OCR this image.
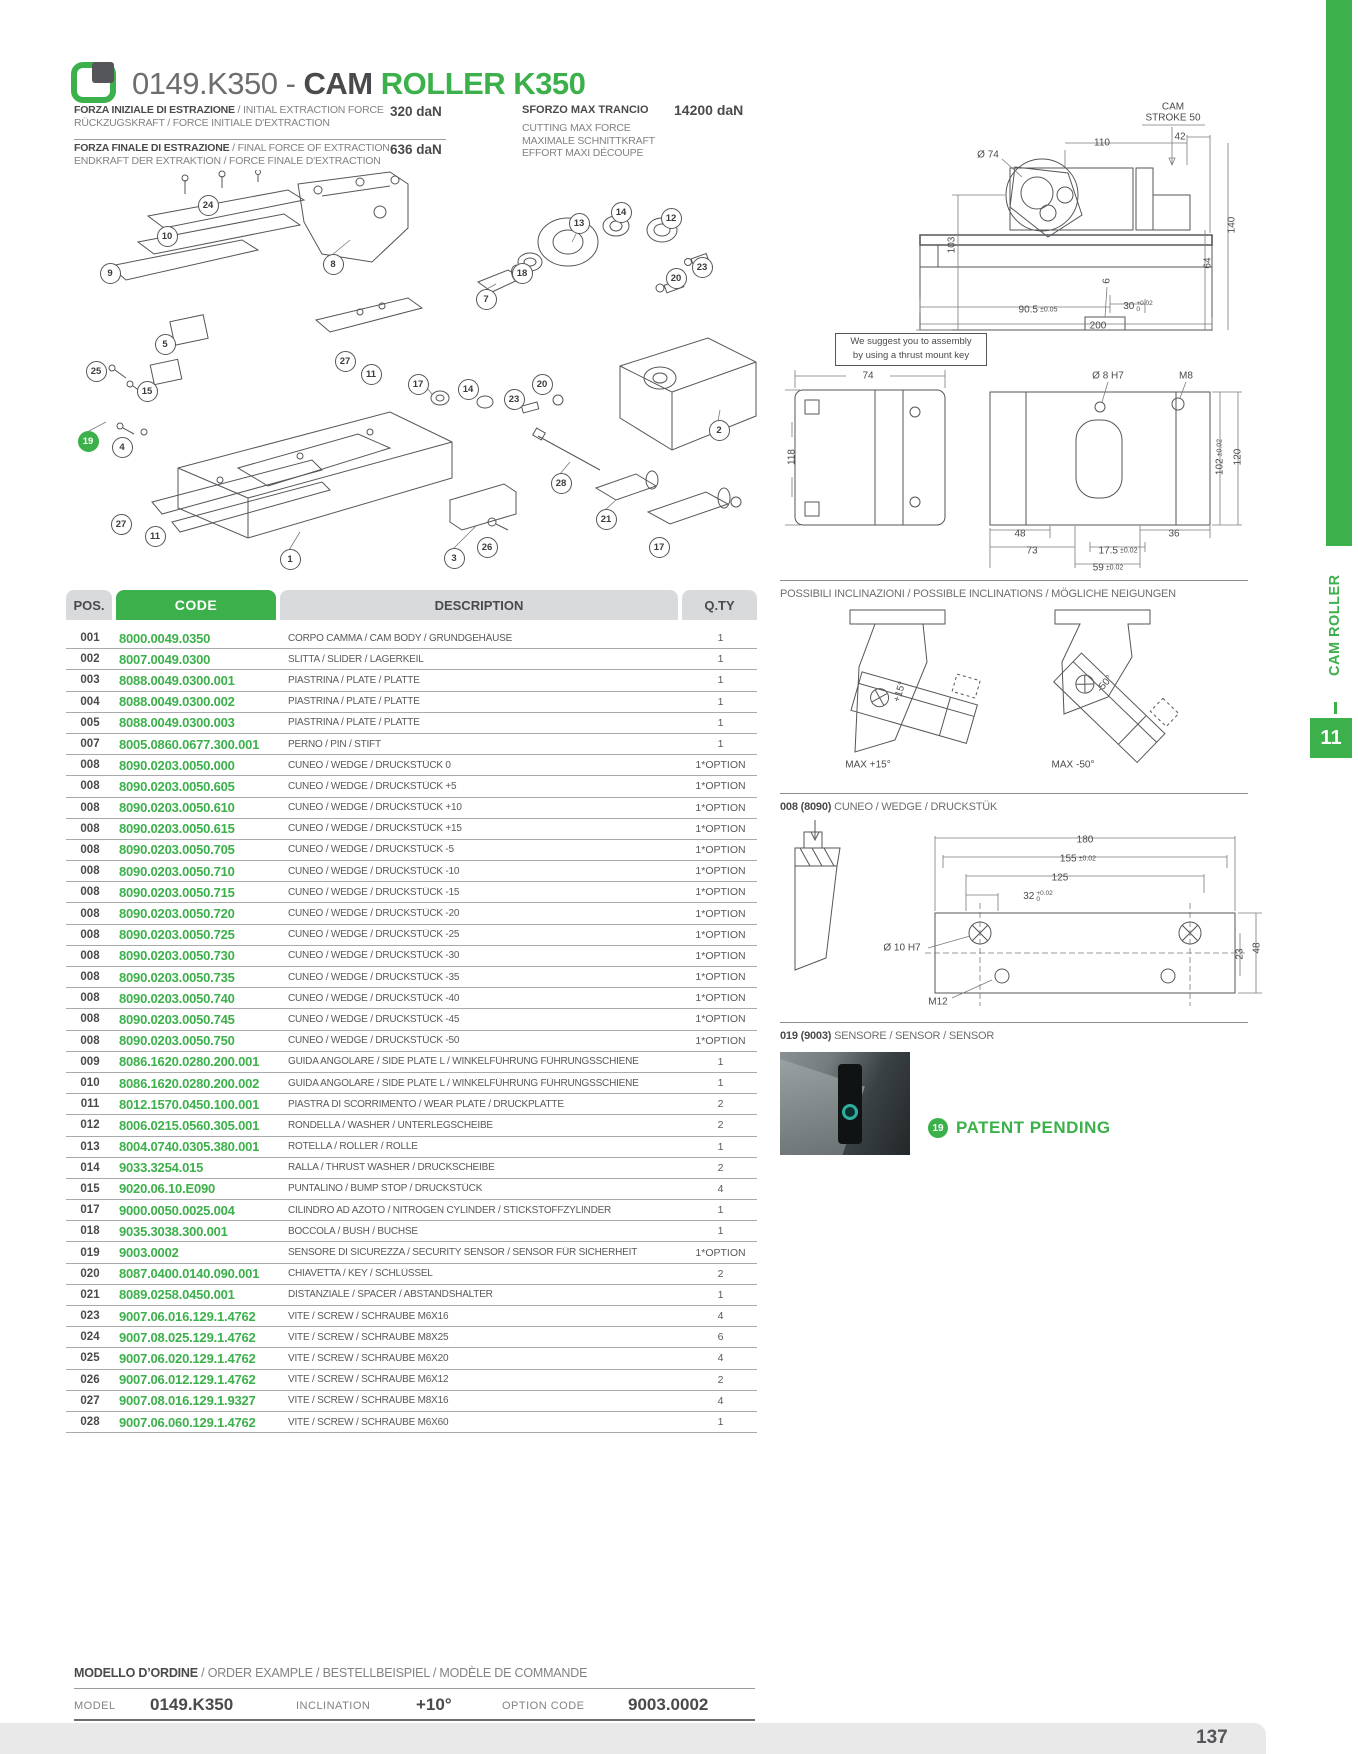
0149.K350 - CAM ROLLER K350
FORZA INIZIALE DI ESTRAZIONE / INITIAL EXTRACTION FORCE
RÜCKZUGSKRAFT / FORCE INITIALE D'EXTRACTION
FORZA FINALE DI ESTRAZIONE / FINAL FORCE OF EXTRACTION
ENDKRAFT DER EXTRAKTION / FORCE FINALE D'EXTRACTION
320 daN
636 daN
SFORZO MAX TRANCIO
CUTTING MAX FORCE
MAXIMALE SCHNITTKRAFT
EFFORT MAXI DÉCOUPE
14200 daN
24
10
9
8
5
25
15
19
4
27
11
7
13
14
12
18	20
23
17	14
23
20
2
28
21
27
11
1	3
26	17
POS.	CODE	DESCRIPTION	Q.TY
001	8000.0049.0350	CORPO CAMMA / CAM BODY / GRUNDGEHÄUSE	1
002	8007.0049.0300	SLITTA / SLIDER / LAGERKEIL	1
003	8088.0049.0300.001	PIASTRINA / PLATE / PLATTE	1
004	8088.0049.0300.002	PIASTRINA / PLATE / PLATTE	1
005	8088.0049.0300.003	PIASTRINA / PLATE / PLATTE	1
007	8005.0860.0677.300.001	PERNO / PIN / STIFT	1
008	8090.0203.0050.000	CUNEO / WEDGE / DRUCKSTÜCK 0	1*OPTION
008	8090.0203.0050.605	CUNEO / WEDGE / DRUCKSTÜCK +5	1*OPTION
008	8090.0203.0050.610	CUNEO / WEDGE / DRUCKSTÜCK +10	1*OPTION
008	8090.0203.0050.615	CUNEO / WEDGE / DRUCKSTÜCK +15	1*OPTION
008	8090.0203.0050.705	CUNEO / WEDGE / DRUCKSTÜCK -5	1*OPTION
008	8090.0203.0050.710	CUNEO / WEDGE / DRUCKSTÜCK -10	1*OPTION
008	8090.0203.0050.715	CUNEO / WEDGE / DRUCKSTÜCK -15	1*OPTION
008	8090.0203.0050.720	CUNEO / WEDGE / DRUCKSTÜCK -20	1*OPTION
008	8090.0203.0050.725	CUNEO / WEDGE / DRUCKSTÜCK -25	1*OPTION
008	8090.0203.0050.730	CUNEO / WEDGE / DRUCKSTÜCK -30	1*OPTION
008	8090.0203.0050.735	CUNEO / WEDGE / DRUCKSTÜCK -35	1*OPTION
008	8090.0203.0050.740	CUNEO / WEDGE / DRUCKSTÜCK -40	1*OPTION
008	8090.0203.0050.745	CUNEO / WEDGE / DRUCKSTÜCK -45	1*OPTION
008	8090.0203.0050.750	CUNEO / WEDGE / DRUCKSTÜCK -50	1*OPTION
009	8086.1620.0280.200.001	GUIDA ANGOLARE / SIDE PLATE L / WINKELFÜHRUNG FÜHRUNGSSCHIENE	1
010	8086.1620.0280.200.002	GUIDA ANGOLARE / SIDE PLATE L / WINKELFÜHRUNG FÜHRUNGSSCHIENE	1
011	8012.1570.0450.100.001	PIASTRA DI SCORRIMENTO / WEAR PLATE / DRUCKPLATTE	2
012	8006.0215.0560.305.001	RONDELLA / WASHER / UNTERLEGSCHEIBE	2
013	8004.0740.0305.380.001	ROTELLA / ROLLER / ROLLE	1
014	9033.3254.015	RALLA / THRUST WASHER / DRUCKSCHEIBE	2
015	9020.06.10.E090	PUNTALINO / BUMP STOP / DRUCKSTÜCK	4
017	9000.0050.0025.004	CILINDRO AD AZOTO / NITROGEN CYLINDER / STICKSTOFFZYLINDER	1
018	9035.3038.300.001	BOCCOLA / BUSH / BUCHSE	1
019	9003.0002	SENSORE DI SICUREZZA / SECURITY SENSOR / SENSOR FÜR SICHERHEIT	1*OPTION
020	8087.0400.0140.090.001	CHIAVETTA / KEY / SCHLÜSSEL	2
021	8089.0258.0450.001	DISTANZIALE / SPACER / ABSTANDSHALTER	1
023	9007.06.016.129.1.4762	VITE / SCREW / SCHRAUBE M6X16	4
024	9007.08.025.129.1.4762	VITE / SCREW / SCHRAUBE M8X25	6
025	9007.06.020.129.1.4762	VITE / SCREW / SCHRAUBE M6X20	4
026	9007.06.012.129.1.4762	VITE / SCREW / SCHRAUBE M6X12	2
027	9007.08.016.129.1.9327	VITE / SCREW / SCHRAUBE M8X16	4
028	9007.06.060.129.1.4762	VITE / SCREW / SCHRAUBE M6X60	1
CAM
STROKE 50
110
42
Ø 74
103
140
64
6
90.5 ±0.05	30 +0.02
0
200
We suggest you to assembly
by using a thrust mount key
74	Ø 8 H7	M8
118
102±0.02
120
48	36
73	17.5 ±0.02
59 ±0.02
POSSIBILI INCLINAZIONI / POSSIBLE INCLINATIONS / MÖGLICHE NEIGUNGEN
MAX +15°	MAX -50°
+15°	-50°
008 (8090) CUNEO / WEDGE / DRUCKSTÜK
180
155 ±0.02
125
32 +0.02
0
Ø 10 H7
M12
23
48
019 (9003) SENSORE / SENSOR / SENSOR
19 PATENT PENDING
CAM ROLLER
11
MODELLO D’ORDINE / ORDER EXAMPLE / BESTELLBEISPIEL / MODÈLE DE COMMANDE
MODEL 0149.K350	INCLINATION	+10°	OPTION CODE	9003.0002
137
